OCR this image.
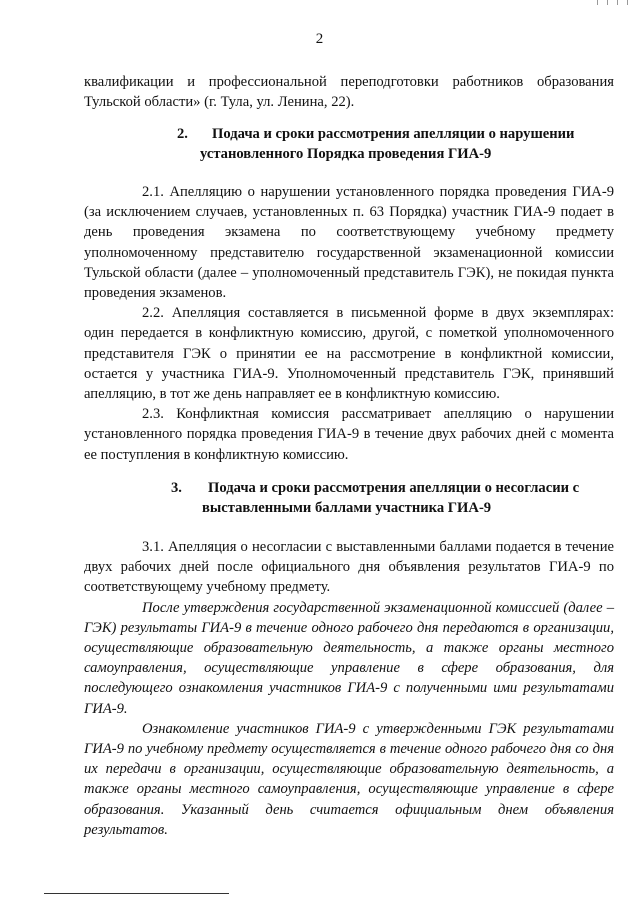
2
квалификации и профессиональной переподготовки работников образования Тульской области» (г. Тула, ул. Ленина, 22).
2.	Подача и сроки рассмотрения апелляции о нарушении
установленного Порядка проведения ГИА-9

2.1. Апелляцию о нарушении установленного порядка проведения ГИА-9 (за исключением случаев, установленных п. 63 Порядка) участник ГИА-9 подает в день проведения экзамена по соответствующему учебному предмету уполномоченному представителю государственной экзаменационной комиссии Тульской области (далее – уполномоченный представитель ГЭК), не покидая пункта проведения экзаменов.

2.2. Апелляция составляется в письменной форме в двух экземплярах: один передается в конфликтную комиссию, другой, с пометкой уполномоченного представителя ГЭК о принятии ее на рассмотрение в конфликтной комиссии, остается у участника ГИА-9. Уполномоченный представитель ГЭК, принявший апелляцию, в тот же день направляет ее в конфликтную комиссию.

2.3. Конфликтная комиссия рассматривает апелляцию о нарушении установленного порядка проведения ГИА-9 в течение двух рабочих дней с момента ее поступления в конфликтную комиссию.

3.	Подача и сроки рассмотрения апелляции о несогласии с
выставленными баллами участника ГИА-9

3.1. Апелляция о несогласии с выставленными баллами подается в течение двух рабочих дней после официального дня объявления результатов ГИА-9 по соответствующему учебному предмету.

После утверждения государственной экзаменационной комиссией (далее – ГЭК) результаты ГИА-9 в течение одного рабочего дня передаются в организации, осуществляющие образовательную деятельность, а также органы местного самоуправления, осуществляющие управление в сфере образования, для последующего ознакомления участников ГИА-9 с полученными ими результатами ГИА-9.

Ознакомление участников ГИА-9 с утвержденными ГЭК результатами ГИА-9 по учебному предмету осуществляется в течение одного рабочего дня со дня их передачи в организации, осуществляющие образовательную деятельность, а также органы местного самоуправления, осуществляющие управление в сфере образования. Указанный день считается официальным днем объявления результатов.
